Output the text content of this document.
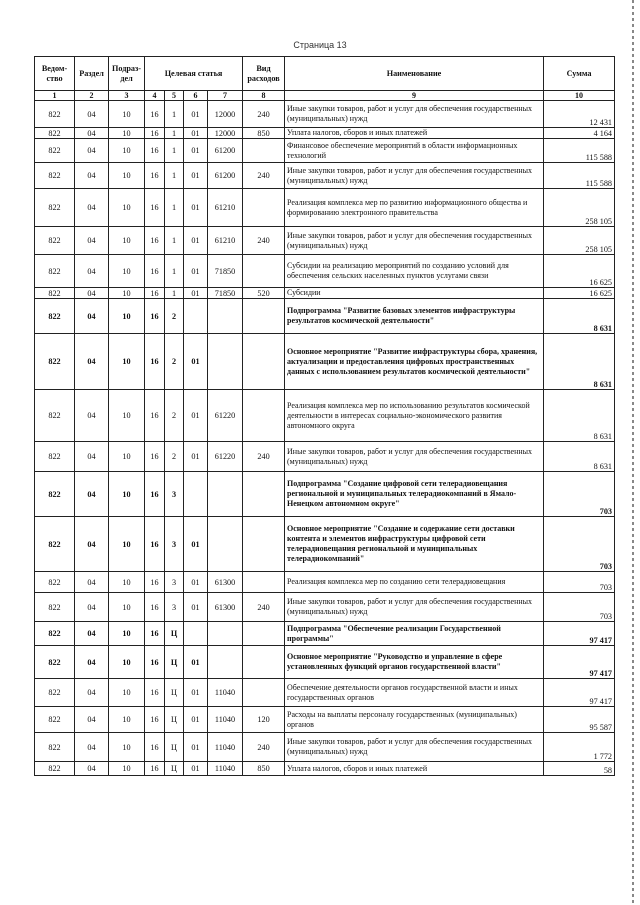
Страница 13
Ведом-ство	Раздел	Подраз-дел	Целевая статья				Вид расходов	Наименование	Сумма
1	2	3	4	5	6	7	8	9	10
822	04	10	16	1	01	12000	240	Иные закупки товаров, работ и услуг для обеспечения государственных (муниципальных) нужд	12 431
822	04	10	16	1	01	12000	850	Уплата налогов, сборов и иных платежей	4 164
822	04	10	16	1	01	61200		Финансовое обеспечение мероприятий в области информационных технологий	115 588
822	04	10	16	1	01	61200	240	Иные закупки товаров, работ и услуг для обеспечения государственных (муниципальных) нужд	115 588
822	04	10	16	1	01	61210		Реализация комплекса мер по развитию информационного общества и формированию электронного правительства	258 105
822	04	10	16	1	01	61210	240	Иные закупки товаров, работ и услуг для обеспечения государственных (муниципальных) нужд	258 105
822	04	10	16	1	01	71850		Субсидии на реализацию мероприятий по созданию условий для обеспечения сельских населенных пунктов услугами связи	16 625
822	04	10	16	1	01	71850	520	Субсидии	16 625
822	04	10	16	2				Подпрограмма "Развитие базовых элементов инфраструктуры результатов космической деятельности"	8 631
822	04	10	16	2	01			Основное мероприятие "Развитие инфраструктуры сбора, хранения, актуализации и предоставления цифровых пространственных данных с использованием результатов космической деятельности"	8 631
822	04	10	16	2	01	61220		Реализация комплекса мер по использованию результатов космической деятельности в интересах социально-экономического развития автономного округа	8 631
822	04	10	16	2	01	61220	240	Иные закупки товаров, работ и услуг для обеспечения государственных (муниципальных) нужд	8 631
822	04	10	16	3				Подпрограмма "Создание цифровой сети телерадиовещания региональной и муниципальных телерадиокомпаний в Ямало-Ненецком автономном округе"	703
822	04	10	16	3	01			Основное мероприятие "Создание и содержание сети доставки контента и элементов инфраструктуры цифровой сети телерадиовещания региональной и муниципальных телерадиокомпаний"	703
822	04	10	16	3	01	61300		Реализация комплекса мер по созданию сети телерадиовещания	703
822	04	10	16	3	01	61300	240	Иные закупки товаров, работ и услуг для обеспечения государственных (муниципальных) нужд	703
822	04	10	16	Ц				Подпрограмма "Обеспечение реализации Государственной программы"	97 417
822	04	10	16	Ц	01			Основное мероприятие "Руководство и управление в сфере установленных функций органов государственной власти"	97 417
822	04	10	16	Ц	01	11040		Обеспечение деятельности органов государственной власти и иных государственных органов	97 417
822	04	10	16	Ц	01	11040	120	Расходы на выплаты персоналу государственных (муниципальных) органов	95 587
822	04	10	16	Ц	01	11040	240	Иные закупки товаров, работ и услуг для обеспечения государственных (муниципальных) нужд	1 772
822	04	10	16	Ц	01	11040	850	Уплата налогов, сборов и иных платежей	58
